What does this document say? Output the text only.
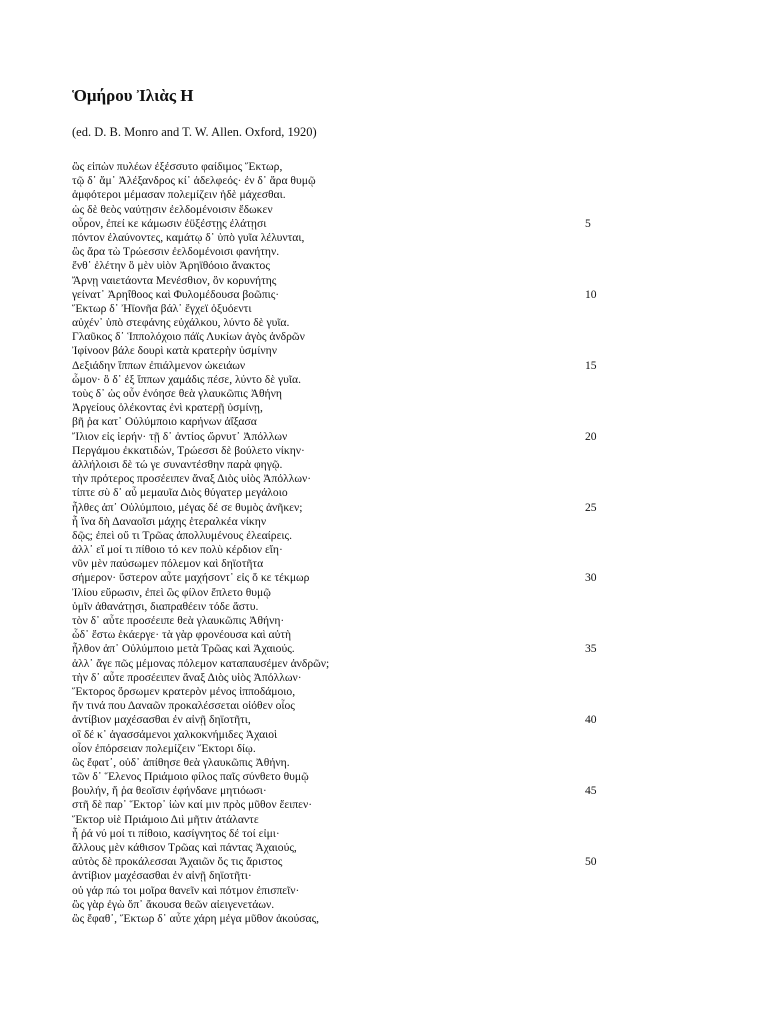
Ὁμήρου Ἰλιὰς Η
(ed. D. B. Monro and T. W. Allen. Oxford, 1920)
ὣς εἰπὼν πυλέων ἐξέσσυτο φαίδιμος Ἕκτωρ,
τῷ δ᾽ ἅμ᾽ Ἀλέξανδρος κί᾽ ἀδελφεός· ἐν δ᾽ ἄρα θυμῷ
ἀμφότεροι μέμασαν πολεμίζειν ἠδὲ μάχεσθαι.
ὡς δὲ θεὸς ναύτῃσιν ἐελδομένοισιν ἔδωκεν
οὖρον, ἐπεί κε κάμωσιν ἐϋξέστῃς ἐλάτῃσι	5
πόντον ἐλαύνοντες, καμάτῳ δ᾽ ὑπὸ γυῖα λέλυνται,
ὣς ἄρα τὼ Τρώεσσιν ἐελδομένοισι φανήτην.
ἔνθ᾽ ἑλέτην ὃ μὲν υἱὸν Ἀρηϊθόοιο ἄνακτος
Ἄρνῃ ναιετάοντα Μενέσθιον, ὃν κορυνήτης
γείνατ᾽ Ἀρηΐθοος καὶ Φυλομέδουσα βοῶπις·	10
Ἕκτωρ δ᾽ Ἠϊονῆα βάλ᾽ ἔγχεϊ ὀξυόεντι
αὐχέν᾽ ὑπὸ στεφάνης εὐχάλκου, λύντο δὲ γυῖα.
Γλαῦκος δ᾽ Ἱππολόχοιο πάϊς Λυκίων ἀγὸς ἀνδρῶν
Ἰφίνοον βάλε δουρὶ κατὰ κρατερὴν ὑσμίνην
Δεξιάδην ἵππων ἐπιάλμενον ὠκειάων	15
ὦμον· ὃ δ᾽ ἐξ ἵππων χαμάδις πέσε, λύντο δὲ γυῖα.
τοὺς δ᾽ ὡς οὖν ἐνόησε θεὰ γλαυκῶπις Ἀθήνη
Ἀργείους ὀλέκοντας ἐνὶ κρατερῇ ὑσμίνῃ,
βῆ ῥα κατ᾽ Οὐλύμποιο καρήνων ἀΐξασα
Ἴλιον εἰς ἱερήν· τῇ δ᾽ ἀντίος ὤρνυτ᾽ Ἀπόλλων	20
Περγάμου ἐκκατιδών, Τρώεσσι δὲ βούλετο νίκην·
ἀλλήλοισι δὲ τώ γε συναντέσθην παρὰ φηγῷ.
τὴν πρότερος προσέειπεν ἄναξ Διὸς υἱὸς Ἀπόλλων·
τίπτε σὺ δ᾽ αὖ μεμαυῖα Διὸς θύγατερ μεγάλοιο
ἦλθες ἀπ᾽ Οὐλύμποιο, μέγας δέ σε θυμὸς ἀνῆκεν;	25
ἦ ἵνα δὴ Δαναοῖσι μάχης ἑτεραλκέα νίκην
δῷς; ἐπεὶ οὔ τι Τρῶας ἀπολλυμένους ἐλεαίρεις.
ἀλλ᾽ εἴ μοί τι πίθοιο τό κεν πολὺ κέρδιον εἴη·
νῦν μὲν παύσωμεν πόλεμον καὶ δηϊοτῆτα
σήμερον· ὕστερον αὖτε μαχήσοντ᾽ εἰς ὅ κε τέκμωρ	30
Ἰλίου εὕρωσιν, ἐπεὶ ὣς φίλον ἔπλετο θυμῷ
ὑμῖν ἀθανάτῃσι, διαπραθέειν τόδε ἄστυ.
τὸν δ᾽ αὖτε προσέειπε θεὰ γλαυκῶπις Ἀθήνη·
ὧδ᾽ ἔστω ἑκάεργε· τὰ γὰρ φρονέουσα καὶ αὐτὴ
ἦλθον ἀπ᾽ Οὐλύμποιο μετὰ Τρῶας καὶ Ἀχαιούς.	35
ἀλλ᾽ ἄγε πῶς μέμονας πόλεμον καταπαυσέμεν ἀνδρῶν;
τὴν δ᾽ αὖτε προσέειπεν ἄναξ Διὸς υἱὸς Ἀπόλλων·
Ἕκτορος ὄρσωμεν κρατερὸν μένος ἱπποδάμοιο,
ἤν τινά που Δαναῶν προκαλέσσεται οἰόθεν οἶος
ἀντίβιον μαχέσασθαι ἐν αἰνῇ δηϊοτῆτι,	40
οἳ δέ κ᾽ ἀγασσάμενοι χαλκοκνήμιδες Ἀχαιοὶ
οἶον ἐπόρσειαν πολεμίζειν Ἕκτορι δίῳ.
ὣς ἔφατ᾽, οὐδ᾽ ἀπίθησε θεὰ γλαυκῶπις Ἀθήνη.
τῶν δ᾽ Ἕλενος Πριάμοιο φίλος παῖς σύνθετο θυμῷ
βουλήν, ἥ ῥα θεοῖσιν ἐφήνδανε μητιόωσι·	45
στῆ δὲ παρ᾽ Ἕκτορ᾽ ἰὼν καί μιν πρὸς μῦθον ἔειπεν·
Ἕκτορ υἱὲ Πριάμοιο Διὶ μῆτιν ἀτάλαντε
ἦ ῥά νύ μοί τι πίθοιο, κασίγνητος δέ τοί εἰμι·
ἄλλους μὲν κάθισον Τρῶας καὶ πάντας Ἀχαιούς,
αὐτὸς δὲ προκάλεσσαι Ἀχαιῶν ὅς τις ἄριστος	50
ἀντίβιον μαχέσασθαι ἐν αἰνῇ δηϊοτῆτι·
οὐ γάρ πώ τοι μοῖρα θανεῖν καὶ πότμον ἐπισπεῖν·
ὣς γὰρ ἐγὼ ὄπ᾽ ἄκουσα θεῶν αἰειγενετάων.
ὣς ἔφαθ᾽, Ἕκτωρ δ᾽ αὖτε χάρη μέγα μῦθον ἀκούσας,
